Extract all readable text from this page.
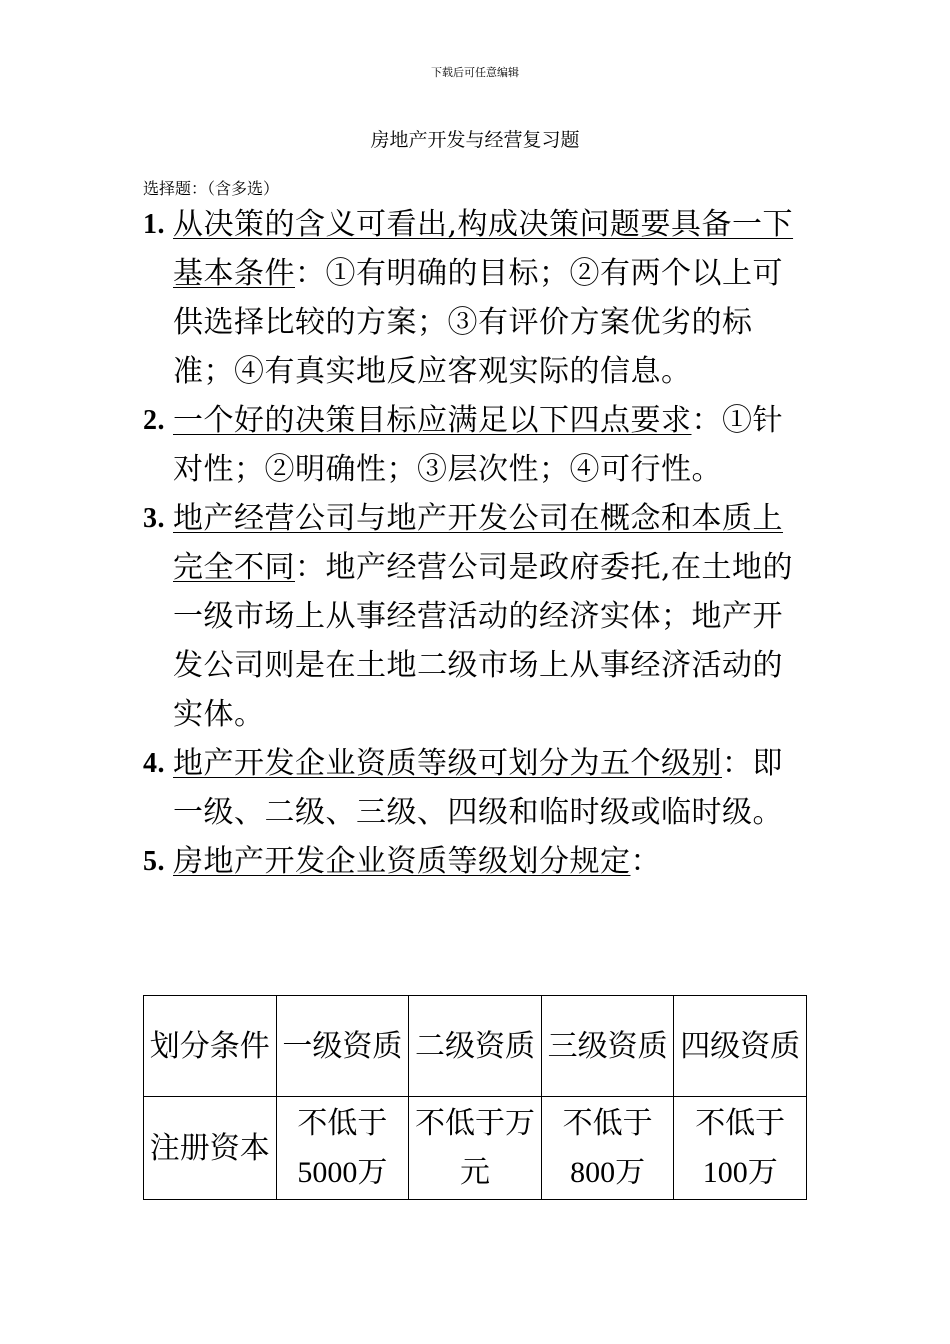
下载后可任意编辑
房地产开发与经营复习题
选择题：（含多选）
1. 从决策的含义可看出,构成决策问题要具备一下基本条件：①有明确的目标；②有两个以上可供选择比较的方案；③有评价方案优劣的标准；④有真实地反应客观实际的信息。
2. 一个好的决策目标应满足以下四点要求：①针对性；②明确性；③层次性；④可行性。
3. 地产经营公司与地产开发公司在概念和本质上完全不同：地产经营公司是政府委托,在土地的一级市场上从事经营活动的经济实体；地产开发公司则是在土地二级市场上从事经济活动的实体。
4. 地产开发企业资质等级可划分为五个级别：即一级、二级、三级、四级和临时级或临时级。
5. 房地产开发企业资质等级划分规定：
划分条件	一级资质	二级资质	三级资质	四级资质
注册资本	不低于5000万	不低于万元	不低于800万	不低于100万
